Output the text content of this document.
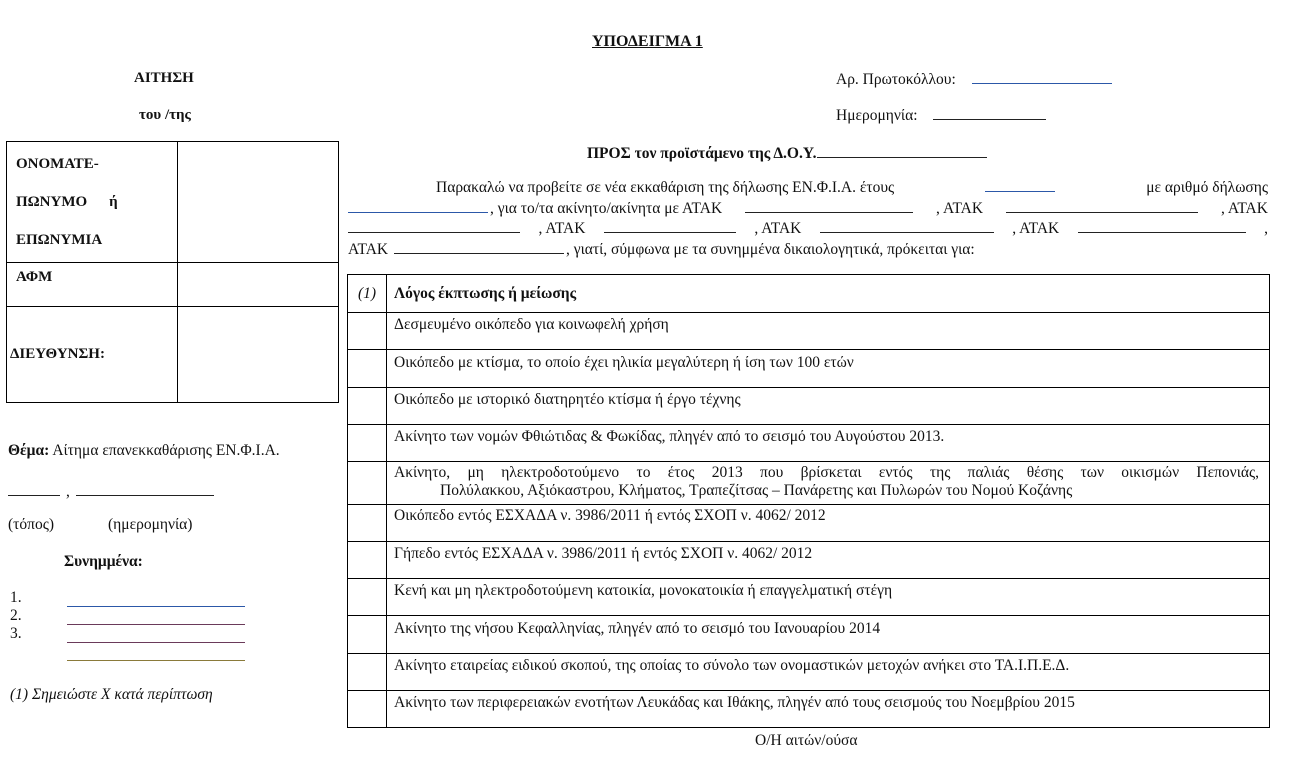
ΥΠΟΔΕΙΓΜΑ 1
ΑΙΤΗΣΗ
του /της
Αρ. Πρωτοκόλλου:
Ημερομηνία:
ΠΡΟΣ τον προϊστάμενο της Δ.Ο.Υ.
ΟΝΟΜΑΤΕ-
ΠΩΝΥΜΟ ή
ΕΠΩΝΥΜΙΑ	

ΑΦΜ	
ΔΙΕΥΘΥΝΣΗ:	
Θέμα: Αίτημα επανεκκαθάρισης ΕΝ.Φ.Ι.Α.
,
(τόπος)	(ημερομηνία)
Συνημμένα:
1.
2.
3.
(1) Σημειώστε Χ κατά περίπτωση
Παρακαλώ να προβείτε σε νέα εκκαθάριση της δήλωσης ΕΝ.Φ.Ι.Α. έτους	με αριθμό δήλωσης
, για το/τα ακίνητο/ακίνητα με ΑΤΑΚ	, ΑΤΑΚ	, ΑΤΑΚ
, ΑΤΑΚ	, ΑΤΑΚ	, ΑΤΑΚ	,
ΑΤΑΚ	, γιατί, σύμφωνα με τα συνημμένα δικαιολογητικά, πρόκειται για:
(1)	Λόγος έκπτωσης ή μείωσης
	Δεσμευμένο οικόπεδο για κοινωφελή χρήση
	Οικόπεδο με κτίσμα, το οποίο έχει ηλικία μεγαλύτερη ή ίση των 100 ετών
	Οικόπεδο με ιστορικό διατηρητέο κτίσμα ή έργο τέχνης
	Ακίνητο των νομών Φθιώτιδας & Φωκίδας, πληγέν από το σεισμό του Αυγούστου 2013.

	Ακίνητο, μη ηλεκτροδοτούμενο το έτος 2013 που βρίσκεται εντός της παλιάς θέσης των οικισμών Πεπονιάς,
Πολύλακκου, Αξιόκαστρου, Κλήματος, Τραπεζίτσας – Πανάρετης και Πυλωρών του Νομού Κοζάνης

	Οικόπεδο εντός ΕΣΧΑΔΑ ν. 3986/2011 ή εντός ΣΧΟΠ ν. 4062/ 2012
	Γήπεδο εντός ΕΣΧΑΔΑ ν. 3986/2011 ή εντός ΣΧΟΠ ν. 4062/ 2012
	Κενή και μη ηλεκτροδοτούμενη κατοικία, μονοκατοικία ή επαγγελματική στέγη
	Ακίνητο της νήσου Κεφαλληνίας, πληγέν από το σεισμό του Ιανουαρίου 2014
	Ακίνητο εταιρείας ειδικού σκοπού, της οποίας το σύνολο των ονομαστικών μετοχών ανήκει στο ΤΑ.Ι.Π.Ε.Δ.
	Ακίνητο των περιφερειακών ενοτήτων Λευκάδας και Ιθάκης, πληγέν από τους σεισμούς του Νοεμβρίου 2015
Ο/Η αιτών/ούσα
